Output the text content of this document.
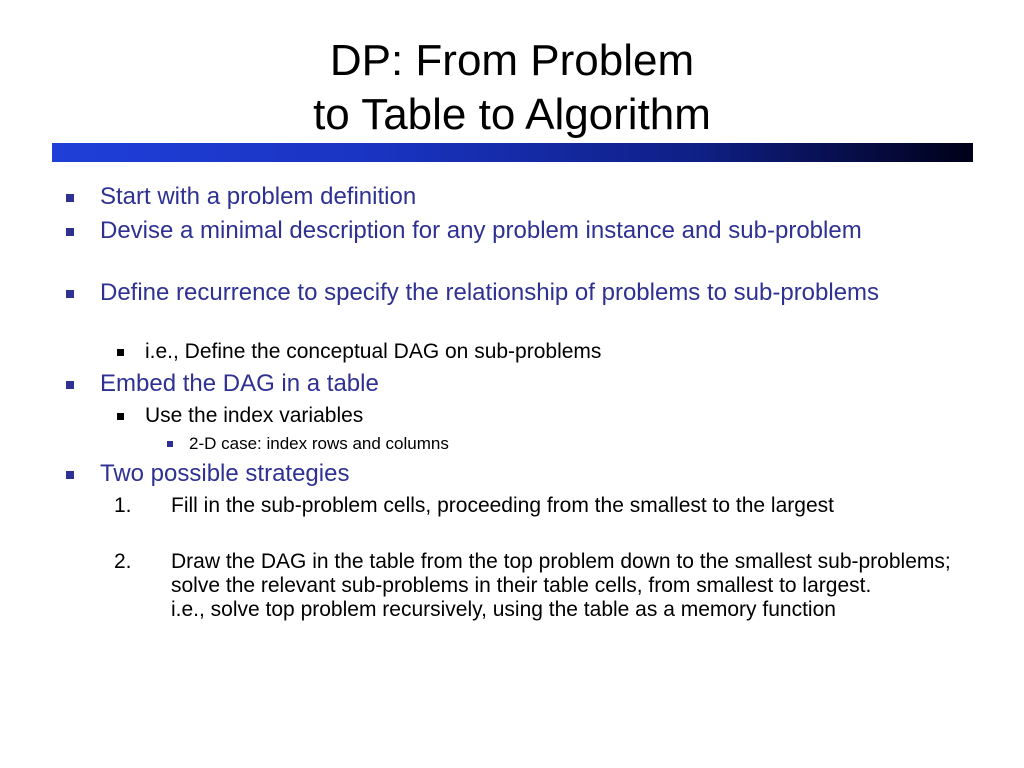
DP: From Problem
to Table to Algorithm
Start with a problem definition
Devise a minimal description for any problem instance and sub-problem
Define recurrence to specify the relationship of problems to sub-problems
i.e., Define the conceptual DAG on sub-problems
Embed the DAG in a table
Use the index variables
2-D case: index rows and columns
Two possible strategies
1. Fill in the sub-problem cells, proceeding from the smallest to the largest
2. Draw the DAG in the table from the top problem down to the smallest sub-problems; solve the relevant sub-problems in their table cells, from smallest to largest.
i.e., solve top problem recursively, using the table as a memory function
